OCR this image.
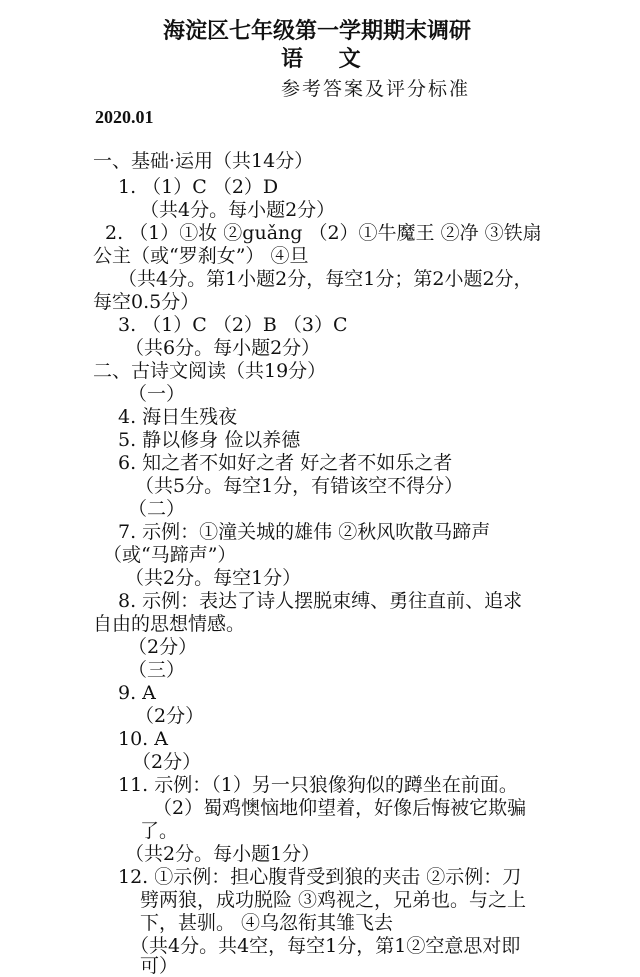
海淀区七年级第一学期期末调研
语 文
参考答案及评分标准
2020.01
一、基础·运用（共14分）
1. （1）C （2）D
（共4分。每小题2分）
2. （1）①妆 ②guǎng （2）①牛魔王 ②净 ③铁扇
公主（或“罗刹女”） ④旦
（共4分。第1小题2分，每空1分；第2小题2分，
每空0.5分）
3. （1）C （2）B （3）C
（共6分。每小题2分）
二、古诗文阅读（共19分）
（一）
4. 海日生残夜
5. 静以修身 俭以养德
6. 知之者不如好之者 好之者不如乐之者
（共5分。每空1分，有错该空不得分）
（二）
7. 示例：①潼关城的雄伟 ②秋风吹散马蹄声
（或“马蹄声”）
（共2分。每空1分）
8. 示例：表达了诗人摆脱束缚、勇往直前、追求
自由的思想情感。
（2分）
（三）
9. A
（2分）
10. A
（2分）
11. 示例：（1）另一只狼像狗似的蹲坐在前面。
（2）蜀鸡懊恼地仰望着，好像后悔被它欺骗
了。
（共2分。每小题1分）
12. ①示例：担心腹背受到狼的夹击 ②示例：刀
劈两狼，成功脱险 ③鸡视之，兄弟也。与之上
下，甚驯。 ④乌忽衔其雏飞去
（共4分。共4空，每空1分，第1②空意思对即
可）
